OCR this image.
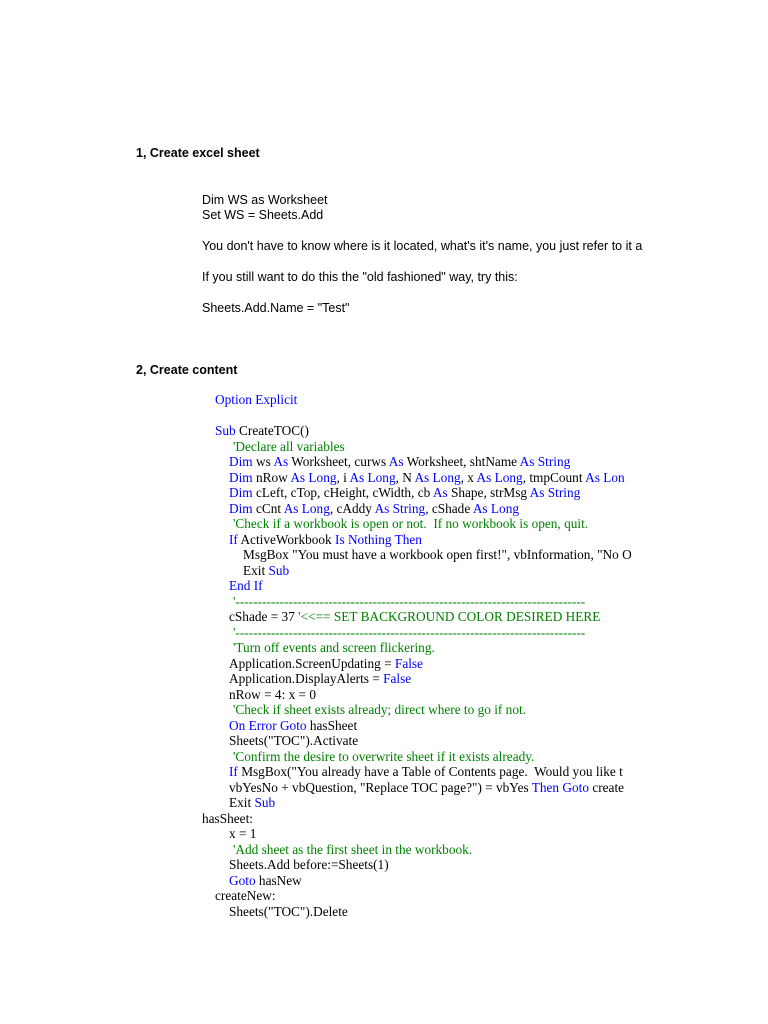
1, Create excel sheet
Dim WS as Worksheet
Set WS = Sheets.Add
You don't have to know where is it located, what's it's name, you just refer to it a
If you still want to do this the "old fashioned" way, try this:
Sheets.Add.Name = "Test"
2, Create content
Option Explicit
Sub CreateTOC()
'Declare all variables
Dim ws As Worksheet, curws As Worksheet, shtName As String
Dim nRow As Long, i As Long, N As Long, x As Long, tmpCount As Lon
Dim cLeft, cTop, cHeight, cWidth, cb As Shape, strMsg As String
Dim cCnt As Long, cAddy As String, cShade As Long
'Check if a workbook is open or not.  If no workbook is open, quit.
If ActiveWorkbook Is Nothing Then
MsgBox "You must have a workbook open first!", vbInformation, "No O
Exit Sub
End If
'-------------------------------------------------------------------------------
cShade = 37 '<<== SET BACKGROUND COLOR DESIRED HERE
'-------------------------------------------------------------------------------
'Turn off events and screen flickering.
Application.ScreenUpdating = False
Application.DisplayAlerts = False
nRow = 4: x = 0
'Check if sheet exists already; direct where to go if not.
On Error Goto hasSheet
Sheets("TOC").Activate
'Confirm the desire to overwrite sheet if it exists already.
If MsgBox("You already have a Table of Contents page.  Would you like t
vbYesNo + vbQuestion, "Replace TOC page?") = vbYes Then Goto create
Exit Sub
hasSheet:
x = 1
'Add sheet as the first sheet in the workbook.
Sheets.Add before:=Sheets(1)
Goto hasNew
createNew:
Sheets("TOC").Delete
